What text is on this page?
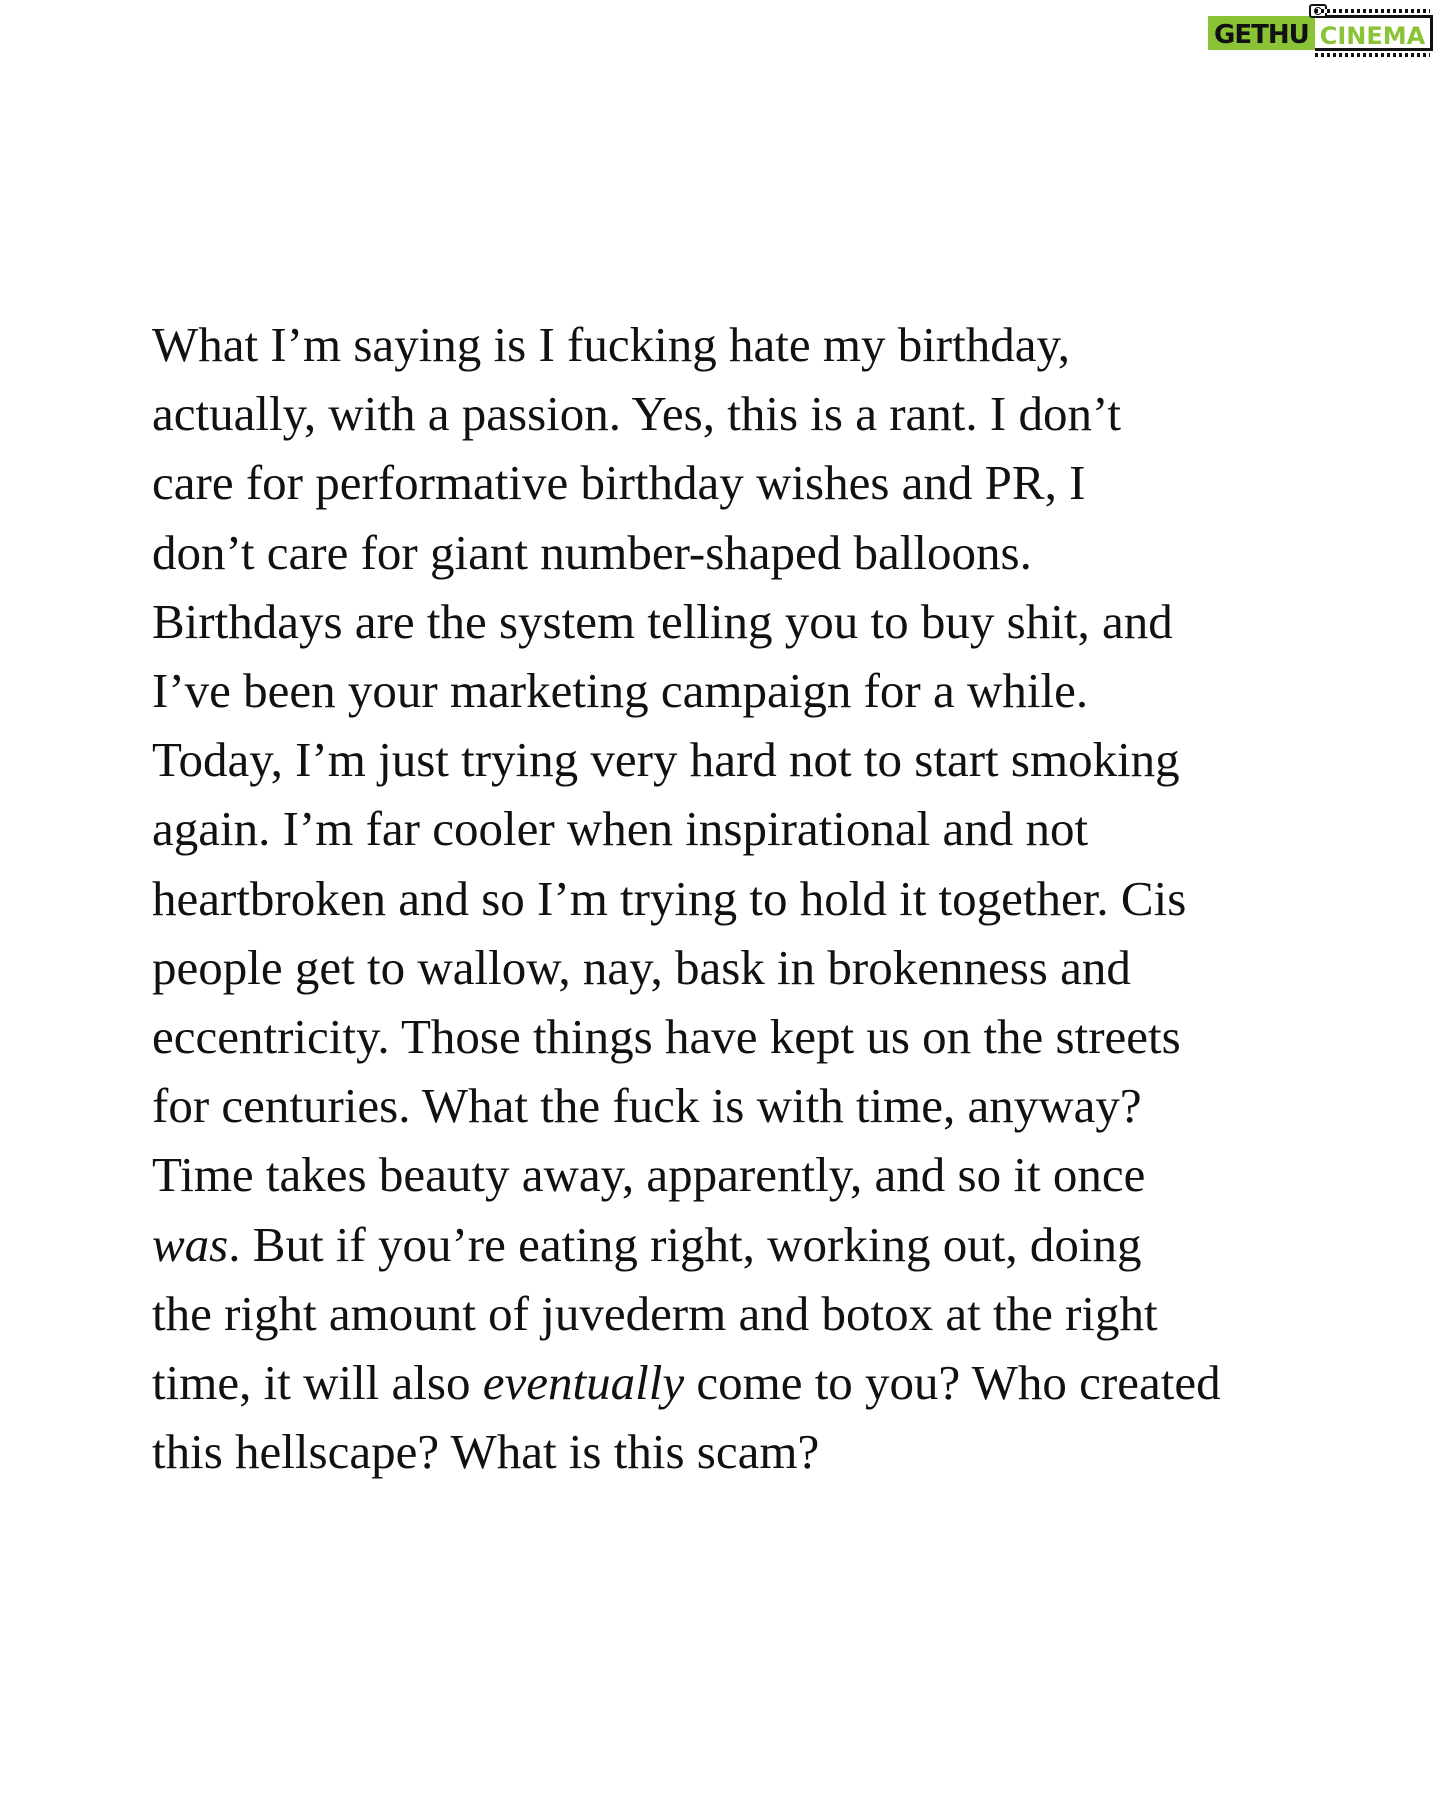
GETHU CINEMA

What I’m saying is I fucking hate my birthday,
actually, with a passion. Yes, this is a rant. I don’t
care for performative birthday wishes and PR, I
don’t care for giant number-shaped balloons.
Birthdays are the system telling you to buy shit, and
I’ve been your marketing campaign for a while.
Today, I’m just trying very hard not to start smoking
again. I’m far cooler when inspirational and not
heartbroken and so I’m trying to hold it together. Cis
people get to wallow, nay, bask in brokenness and
eccentricity. Those things have kept us on the streets
for centuries. What the fuck is with time, anyway?
Time takes beauty away, apparently, and so it once
was. But if you’re eating right, working out, doing
the right amount of juvederm and botox at the right
time, it will also eventually come to you? Who created
this hellscape? What is this scam?
